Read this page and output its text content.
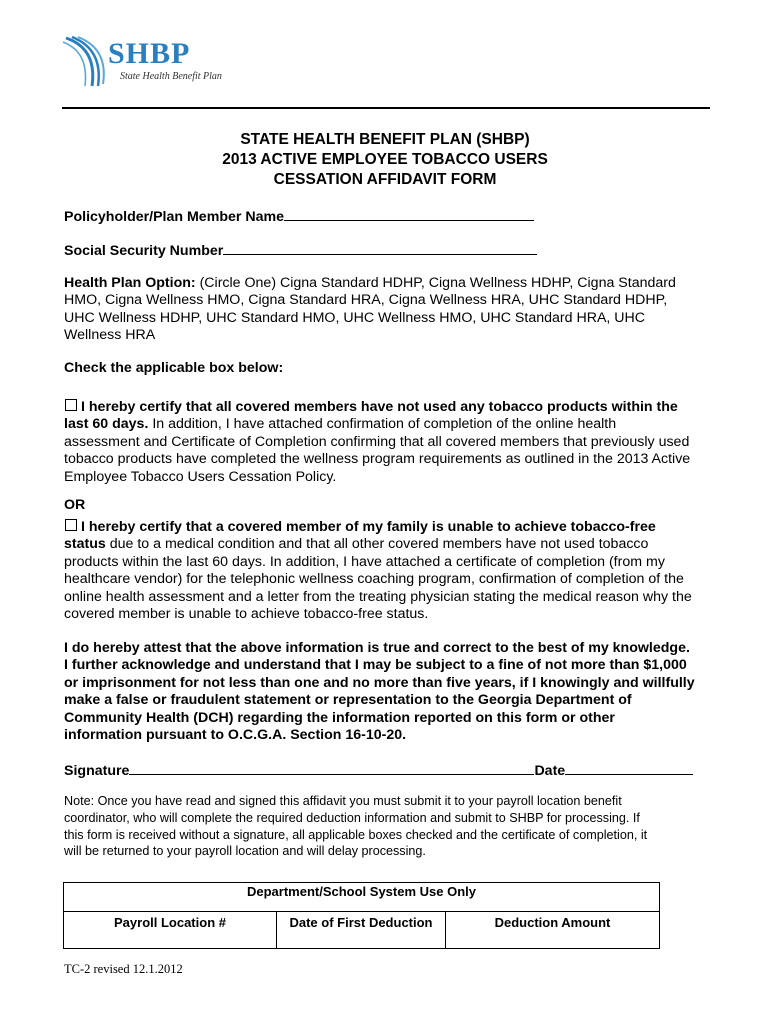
SHBP
State Health Benefit Plan
STATE HEALTH BENEFIT PLAN (SHBP)
2013 ACTIVE EMPLOYEE TOBACCO USERS
CESSATION AFFIDAVIT FORM
Policyholder/Plan Member Name
Social Security Number
Health Plan Option: (Circle One) Cigna Standard HDHP, Cigna Wellness HDHP, Cigna Standard
HMO, Cigna Wellness HMO, Cigna Standard HRA, Cigna Wellness HRA, UHC Standard HDHP,
UHC Wellness HDHP, UHC Standard HMO, UHC Wellness HMO, UHC Standard HRA, UHC
Wellness HRA
Check the applicable box below:
I hereby certify that all covered members have not used any tobacco products within the
last 60 days. In addition, I have attached confirmation of completion of the online health
assessment and Certificate of Completion confirming that all covered members that previously used
tobacco products have completed the wellness program requirements as outlined in the 2013 Active
Employee Tobacco Users Cessation Policy.
OR
I hereby certify that a covered member of my family is unable to achieve tobacco-free
status due to a medical condition and that all other covered members have not used tobacco
products within the last 60 days. In addition, I have attached a certificate of completion (from my
healthcare vendor) for the telephonic wellness coaching program, confirmation of completion of the
online health assessment and a letter from the treating physician stating the medical reason why the
covered member is unable to achieve tobacco-free status.
I do hereby attest that the above information is true and correct to the best of my knowledge.
I further acknowledge and understand that I may be subject to a fine of not more than $1,000
or imprisonment for not less than one and no more than five years, if I knowingly and willfully
make a false or fraudulent statement or representation to the Georgia Department of
Community Health (DCH) regarding the information reported on this form or other
information pursuant to O.C.G.A. Section 16-10-20.
Signature	Date
Note: Once you have read and signed this affidavit you must submit it to your payroll location benefit
coordinator, who will complete the required deduction information and submit to SHBP for processing. If
this form is received without a signature, all applicable boxes checked and the certificate of completion, it
will be returned to your payroll location and will delay processing.
Department/School System Use Only
Payroll Location #	Date of First Deduction	Deduction Amount
TC-2 revised 12.1.2012
